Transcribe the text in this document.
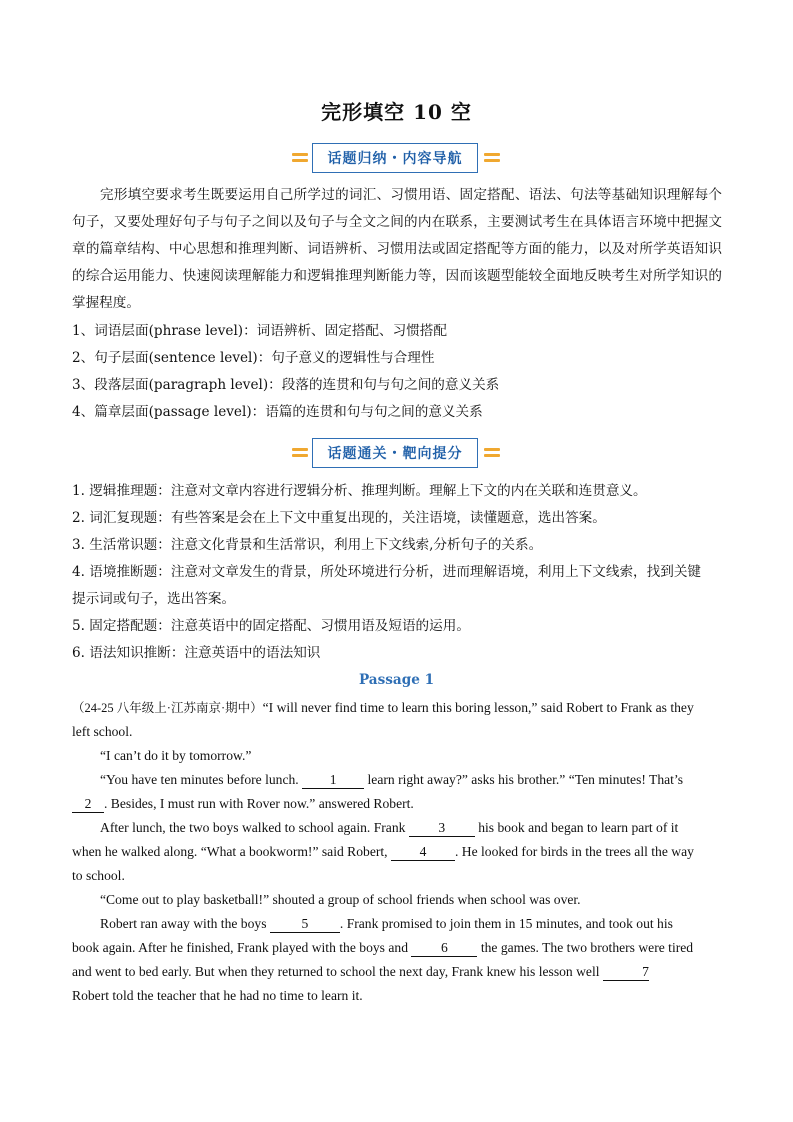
完形填空 10 空
话题归纳・内容导航
完形填空要求考生既要运用自己所学过的词汇、习惯用语、固定搭配、语法、句法等基础知识理解每个句子，又要处理好句子与句子之间以及句子与全文之间的内在联系，主要测试考生在具体语言环境中把握文章的篇章结构、中心思想和推理判断、词语辨析、习惯用法或固定搭配等方面的能力，以及对所学英语知识的综合运用能力、快速阅读理解能力和逻辑推理判断能力等，因而该题型能较全面地反映考生对所学知识的掌握程度。
1、词语层面(phrase level)：词语辨析、固定搭配、习惯搭配
2、句子层面(sentence level)：句子意义的逻辑性与合理性
3、段落层面(paragraph level)：段落的连贯和句与句之间的意义关系
4、篇章层面(passage level)：语篇的连贯和句与句之间的意义关系
话题通关・靶向提分
1. 逻辑推理题：注意对文章内容进行逻辑分析、推理判断。理解上下文的内在关联和连贯意义。
2. 词汇复现题：有些答案是会在上下文中重复出现的，关注语境，读懂题意，选出答案。
3. 生活常识题：注意文化背景和生活常识，利用上下文线索,分析句子的关系。
4. 语境推断题：注意对文章发生的背景，所处环境进行分析，进而理解语境，利用上下文线索，找到关键
提示词或句子，选出答案。
5. 固定搭配题：注意英语中的固定搭配、习惯用语及短语的运用。
6. 语法知识推断：注意英语中的语法知识
Passage 1
（24-25 八年级上·江苏南京·期中）“I will never find time to learn this boring lesson,” said Robert to Frank as they
left school.
“I can’t do it by tomorrow.”
“You have ten minutes before lunch. 1 learn right away?” asks his brother.” “Ten minutes! That’s
2 . Besides, I must run with Rover now.” answered Robert.
After lunch, the two boys walked to school again. Frank 3 his book and began to learn part of it
when he walked along. “What a bookworm!” said Robert, 4 . He looked for birds in the trees all the way
to school.
“Come out to play basketball!” shouted a group of school friends when school was over.
Robert ran away with the boys	5 . Frank promised to join them in 15 minutes, and took out his
book again. After he finished, Frank played with the boys and 6 the games. The two brothers were tired
and went to bed early. But when they returned to school the next day, Frank knew his lesson well	7
Robert told the teacher that he had no time to learn it.
